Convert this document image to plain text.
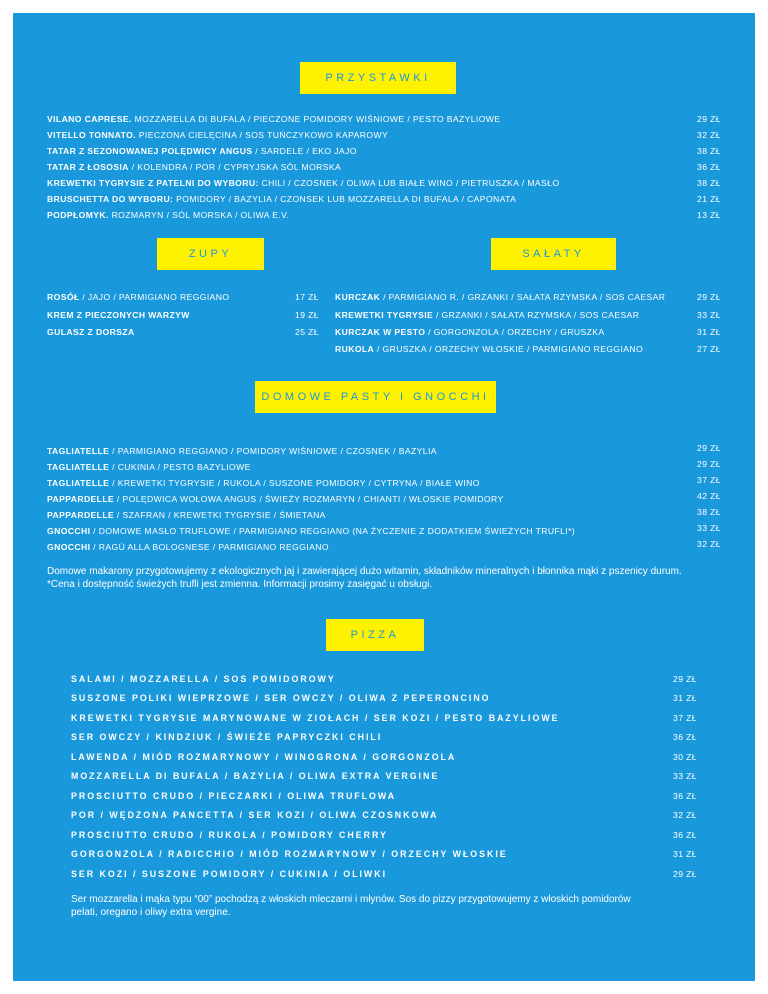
PRZYSTAWKI
VILANO CAPRESE. MOZZARELLA DI BUFALA / PIECZONE POMIDORY WIŚNIOWE / PESTO BAZYLIOWE	29 ZŁ
VITELLO TONNATO. PIECZONA CIELĘCINA / SOS TUŃCZYKOWO KAPAROWY	32 ZŁ
TATAR Z SEZONOWANEJ POLĘDWICY ANGUS / SARDELE / EKO JAJO	38 ZŁ
TATAR Z ŁOSOSIA / KOLENDRA / POR / CYPRYJSKA SÓL MORSKA	36 ZŁ
KREWETKI TYGRYSIE Z PATELNI DO WYBORU: CHILI / CZOSNEK / OLIWA LUB BIAŁE WINO / PIETRUSZKA / MASŁO	38 ZŁ
BRUSCHETTA DO WYBORU: POMIDORY / BAZYLIA / CZONSEK LUB MOZZARELLA DI BUFALA / CAPONATA	21 ZŁ
PODPŁOMYK. ROZMARYN / SÓL MORSKA / OLIWA E.V.	13 ZŁ
ZUPY
ROSÓŁ / JAJO / PARMIGIANO REGGIANO	17 ZŁ
KREM Z PIECZONYCH WARZYW	19 ZŁ
GULASZ Z DORSZA	25 ZŁ
SAŁATY
KURCZAK / PARMIGIANO R. / GRZANKI / SAŁATA RZYMSKA / SOS CAESAR	29 ZŁ
KREWETKI TYGRYSIE / GRZANKI / SAŁATA RZYMSKA / SOS CAESAR	33 ZŁ
KURCZAK W PESTO / GORGONZOLA / ORZECHY / GRUSZKA	31 ZŁ
RUKOLA / GRUSZKA / ORZECHY WŁOSKIE / PARMIGIANO REGGIANO	27 ZŁ
DOMOWE PASTY I GNOCCHI
TAGLIATELLE / PARMIGIANO REGGIANO / POMIDORY WIŚNIOWE / CZOSNEK / BAZYLIA	29 ZŁ
TAGLIATELLE / CUKINIA / PESTO BAZYLIOWE	29 ZŁ
TAGLIATELLE / KREWETKI TYGRYSIE / RUKOLA / SUSZONE POMIDORY / CYTRYNA / BIAŁE WINO	37 ZŁ
PAPPARDELLE / POLĘDWICA WOŁOWA ANGUS / ŚWIEŻY ROZMARYN / CHIANTI / WŁOSKIE POMIDORY	42 ZŁ
PAPPARDELLE / SZAFRAN / KREWETKI TYGRYSIE / ŚMIETANA	38 ZŁ
GNOCCHI / DOMOWE MASŁO TRUFLOWE / PARMIGIANO REGGIANO (NA ŻYCZENIE Z DODATKIEM ŚWIEŻYCH TRUFLI*)	33 ZŁ
GNOCCHI / RAGÙ ALLA BOLOGNESE / PARMIGIANO REGGIANO	32 ZŁ
Domowe makarony przygotowujemy z ekologicznych jaj i zawierającej dużo witamin, składników mineralnych i błonnika mąki z pszenicy durum.
*Cena i dostępność świeżych trufli jest zmienna. Informacji prosimy zasięgać u obsługi.
PIZZA
SALAMI / MOZZARELLA / SOS POMIDOROWY	29 ZŁ
SUSZONE POLIKI WIEPRZOWE / SER OWCZY / OLIWA Z PEPERONCINO	31 ZŁ
KREWETKI TYGRYSIE MARYNOWANE W ZIOŁACH / SER KOZI / PESTO BAZYLIOWE	37 ZŁ
SER OWCZY / KINDZIUK / ŚWIEŻE PAPRYCZKI CHILI	36 ZŁ
LAWENDA / MIÓD ROZMARYNOWY / WINOGRONA / GORGONZOLA	30 ZŁ
MOZZARELLA DI BUFALA / BAZYLIA / OLIWA EXTRA VERGINE	33 ZŁ
PROSCIUTTO CRUDO / PIECZARKI / OLIWA TRUFLOWA	36 ZŁ
POR / WĘDZONA PANCETTA / SER KOZI / OLIWA CZOSNKOWA	32 ZŁ
PROSCIUTTO CRUDO / RUKOLA / POMIDORY CHERRY	36 ZŁ
GORGONZOLA / RADICCHIO / MIÓD ROZMARYNOWY / ORZECHY WŁOSKIE	31 ZŁ
SER KOZI / SUSZONE POMIDORY / CUKINIA / OLIWKI	29 ZŁ
Ser mozzarella i mąka typu “00” pochodzą z włoskich mleczarni i młynów. Sos do pizzy przygotowujemy z włoskich pomidorów
pelati, oregano i oliwy extra vergine.
